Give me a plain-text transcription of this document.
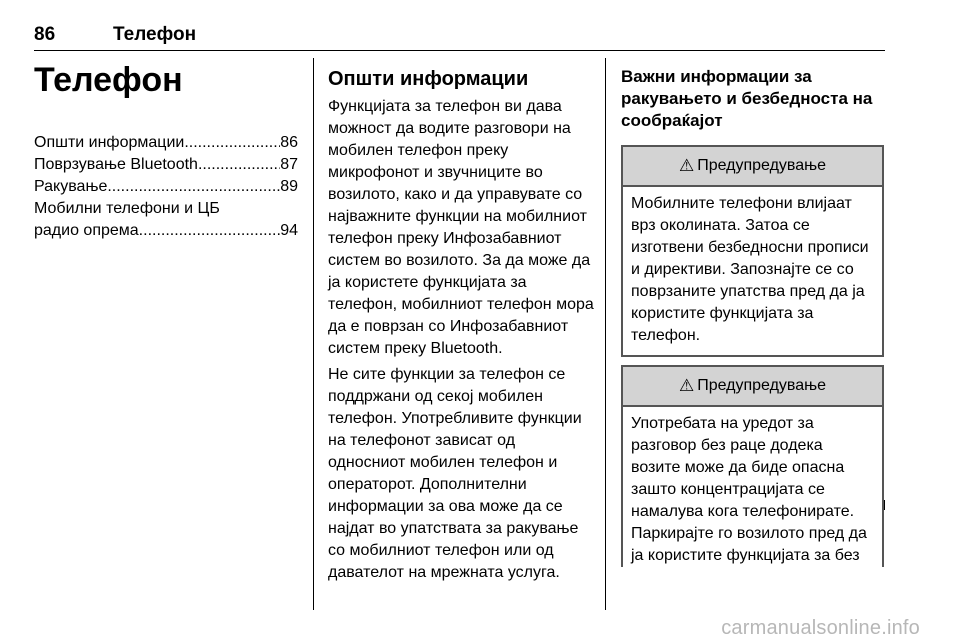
86	Телефон
Телефон
Општи информации .....	86
Поврзување Bluetooth .....	87
Ракување .....	89
Мобилни телефони и ЦБ
радио опрема .....	94
Општи информации

Функцијата за телефон ви дава можност да водите разговори на мобилен телефон преку микрофонот и звучниците во возилото, како и да управувате со најважните функции на мобилниот телефон преку Инфозабавниот систем во возилото. За да може да ја користете функцијата за телефон, мобилниот телефон мора да е поврзан со Инфозабавниот систем преку Bluetooth.

Не сите функции за телефон се поддржани од секој мобилен телефон. Употребливите функции на телефонот зависат од односниот мобилен телефон и операторот. Дополнителни информации за ова може да се најдат во упатствата за ракување со мобилниот телефон или од давателот на мрежната услуга.

Важни информации за ракувањето и безбедноста на сообраќајот
⚠ Предупредување
Мобилните телефони влијаат врз околината. Затоа се изготвени безбедносни прописи и директиви. Запознајте се со поврзаните упатства пред да ја користите функцијата за телефон.
⚠ Предупредување
Употребата на уредот за разговор без раце додека возите може да биде опасна зашто концентрацијата се намалува кога телефонирате. Паркирајте го возилото пред да ја користите функцијата за без
carmanualsonline.info
